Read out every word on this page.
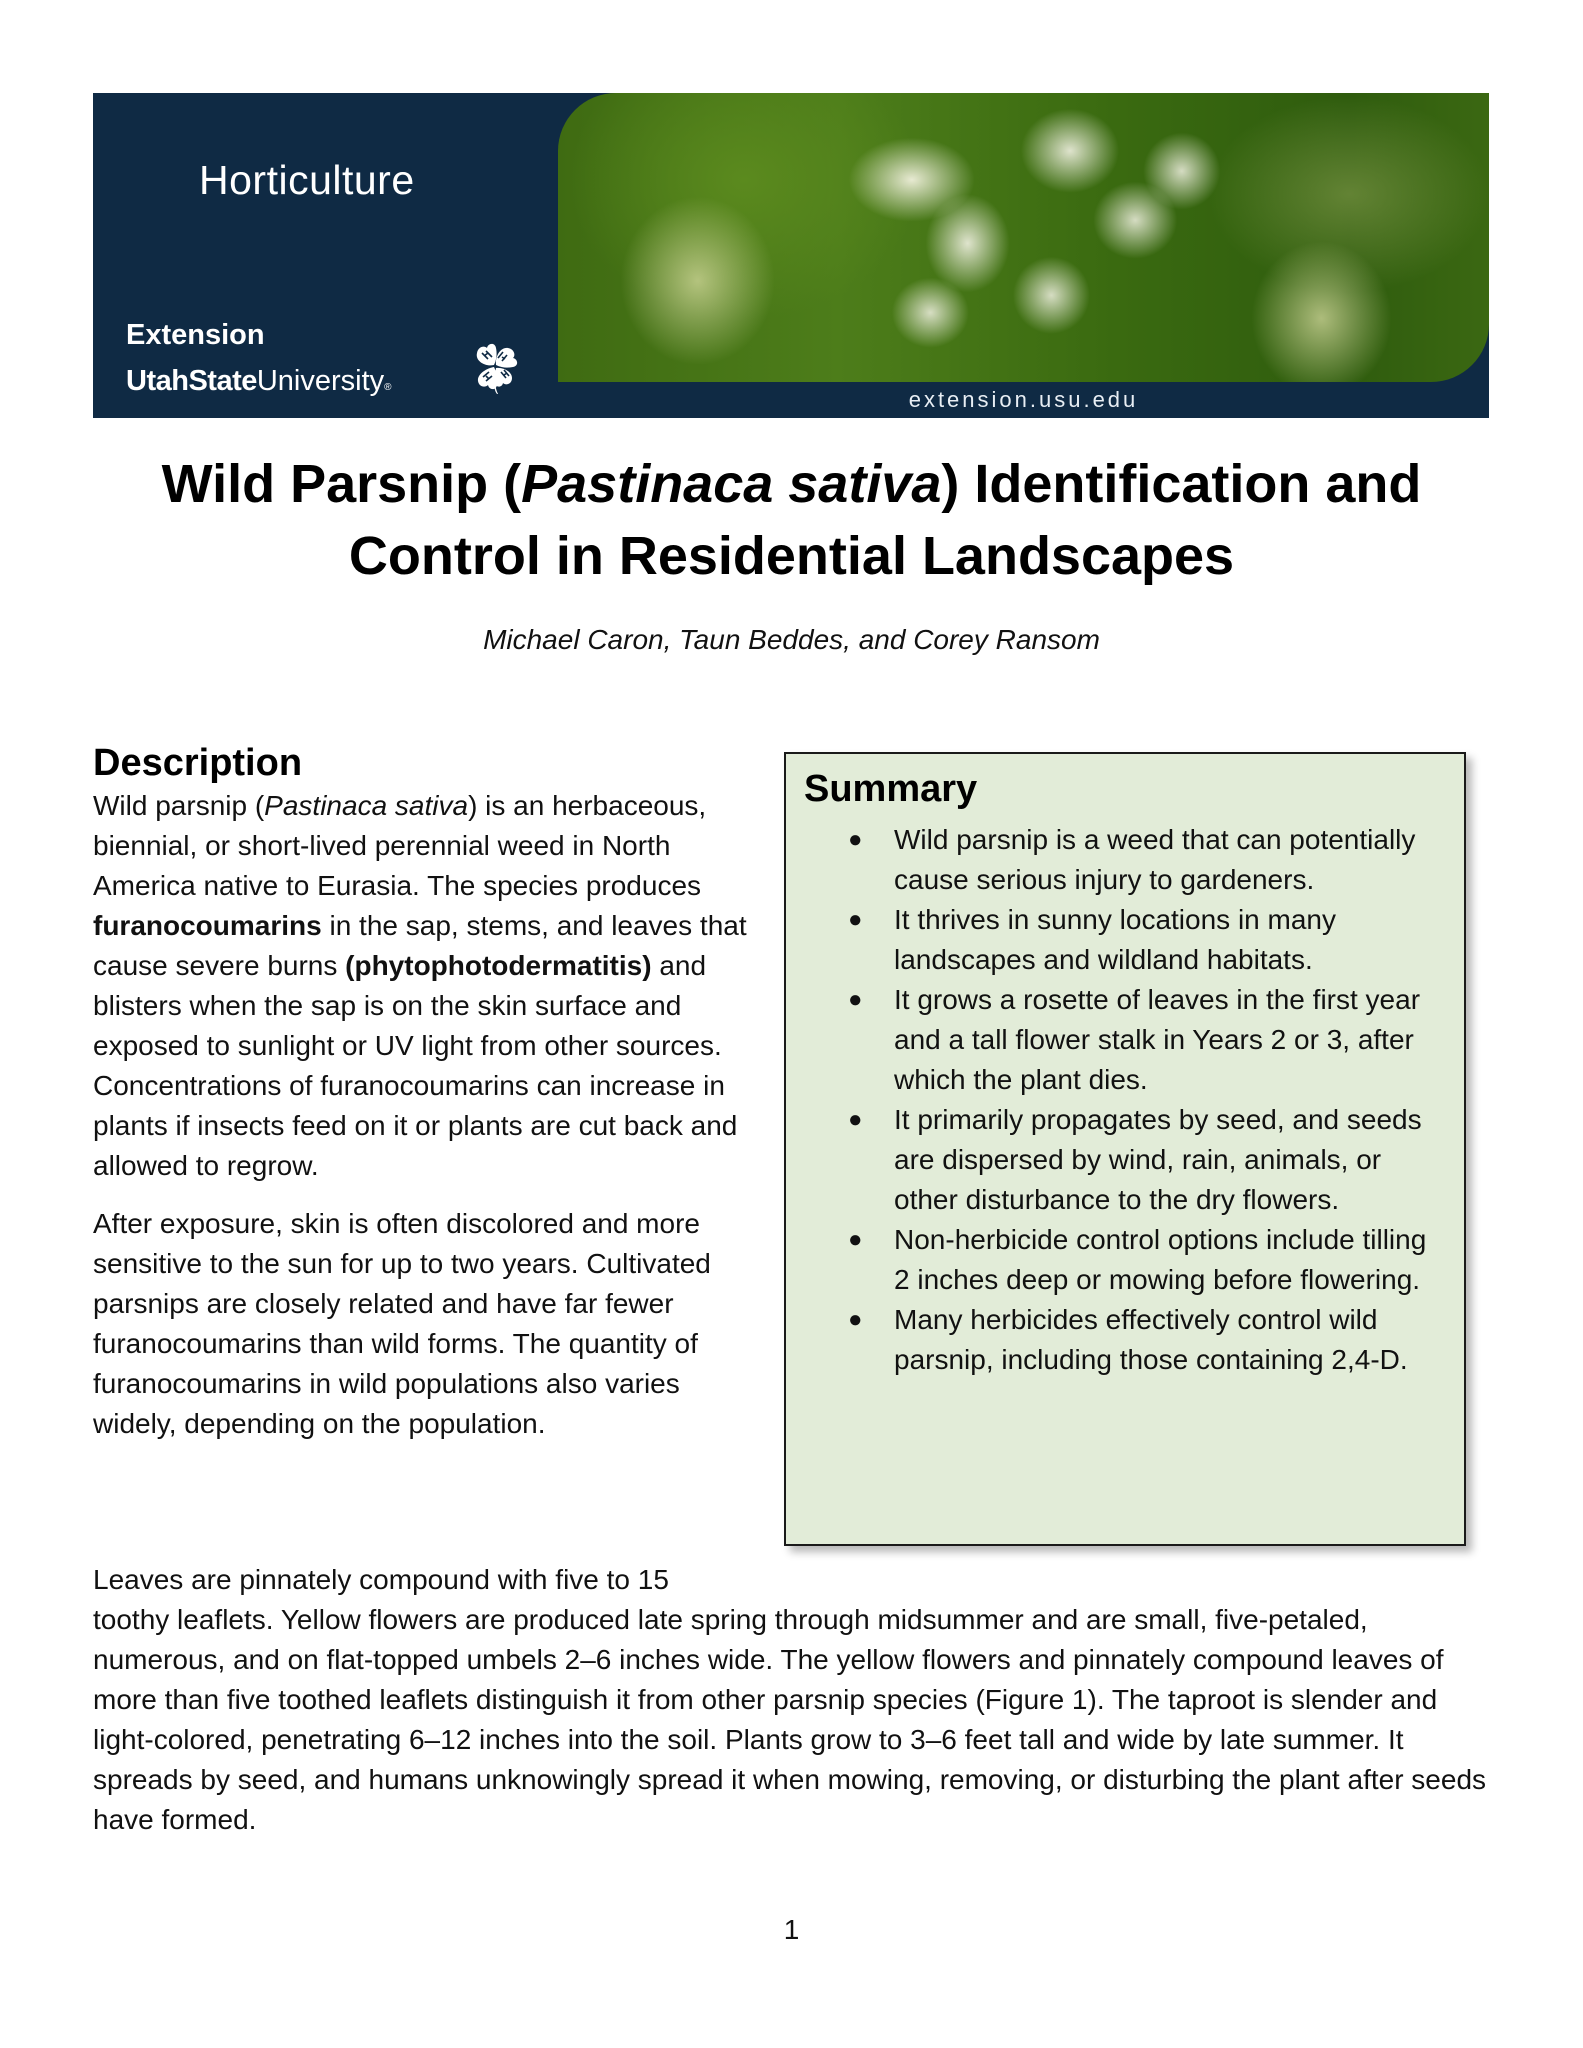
Horticulture
Extension
UtahStateUniversity®	extension.usu.edu
Wild Parsnip (Pastinaca sativa) Identification and
Control in Residential Landscapes
Michael Caron, Taun Beddes, and Corey Ransom
Description

Wild parsnip (Pastinaca sativa) is an herbaceous, biennial, or short-lived perennial weed in North America native to Eurasia. The species produces furanocoumarins in the sap, stems, and leaves that cause severe burns (phytophotodermatitis) and blisters when the sap is on the skin surface and exposed to sunlight or UV light from other sources. Concentrations of furanocoumarins can increase in plants if insects feed on it or plants are cut back and allowed to regrow.

After exposure, skin is often discolored and more sensitive to the sun for up to two years. Cultivated parsnips are closely related and have far fewer furanocoumarins than wild forms. The quantity of furanocoumarins in wild populations also varies widely, depending on the population.

Summary
● Wild parsnip is a weed that can potentially cause serious injury to gardeners.
● It thrives in sunny locations in many landscapes and wildland habitats.
● It grows a rosette of leaves in the first year and a tall flower stalk in Years 2 or 3, after which the plant dies.
● It primarily propagates by seed, and seeds are dispersed by wind, rain, animals, or other disturbance to the dry flowers.
● Non-herbicide control options include tilling 2 inches deep or mowing before flowering.
● Many herbicides effectively control wild parsnip, including those containing 2,4-D.

Leaves are pinnately compound with five to 15
toothy leaflets. Yellow flowers are produced late spring through midsummer and are small, five-petaled, numerous, and on flat-topped umbels 2–6 inches wide. The yellow flowers and pinnately compound leaves of more than five toothed leaflets distinguish it from other parsnip species (Figure 1). The taproot is slender and light-colored, penetrating 6–12 inches into the soil. Plants grow to 3–6 feet tall and wide by late summer. It spreads by seed, and humans unknowingly spread it when mowing, removing, or disturbing the plant after seeds have formed.

1
